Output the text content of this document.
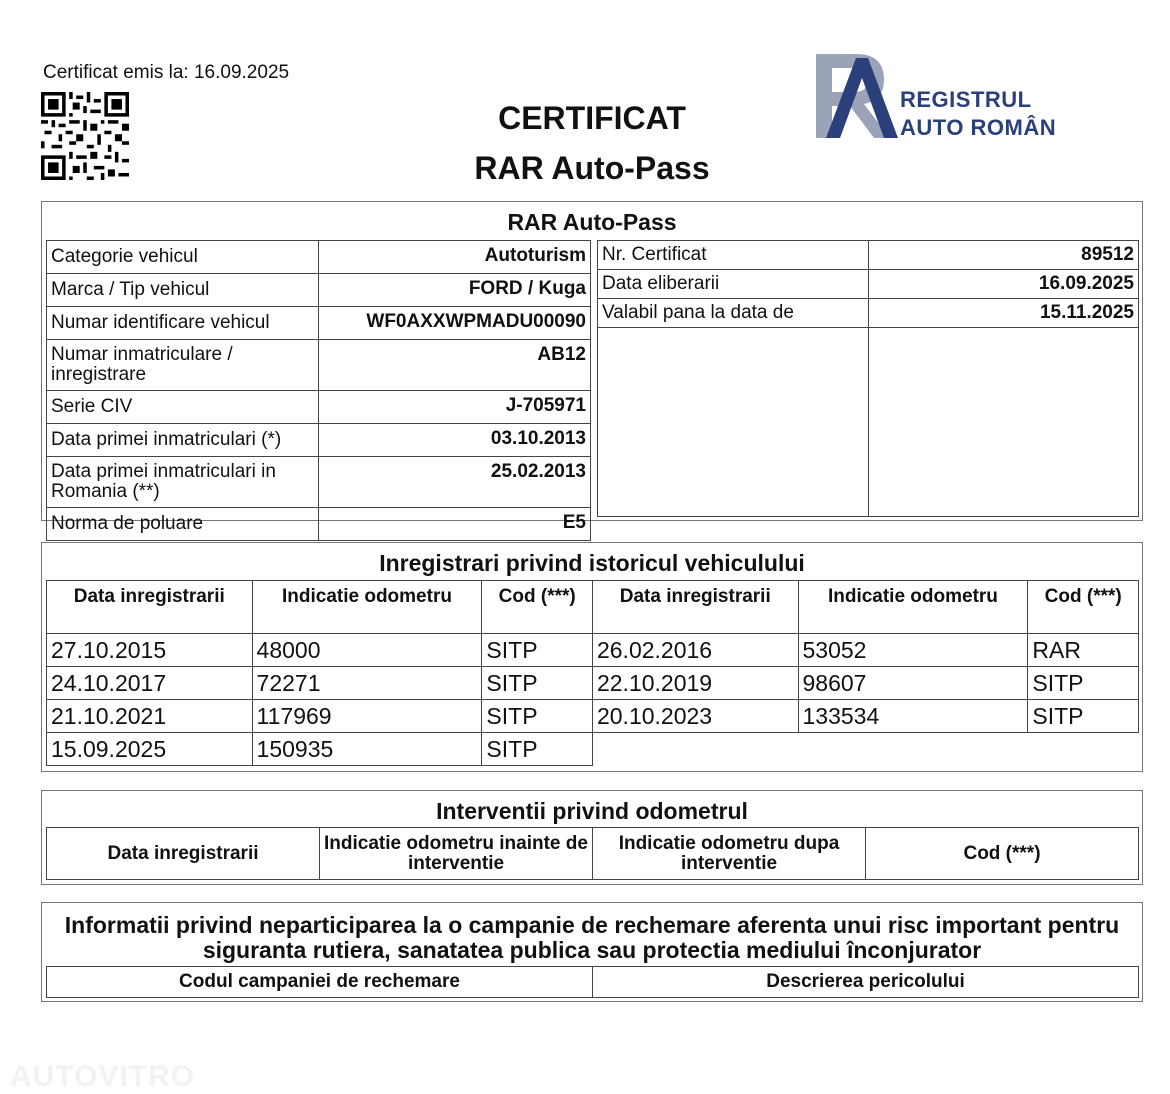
Certificat emis la: 16.09.2025
CERTIFICAT
RAR Auto-Pass
REGISTRUL
AUTO ROMÂN
RAR Auto-Pass
Categorie vehicul	Autoturism
Marca / Tip vehicul	FORD / Kuga
Numar identificare vehicul	WF0AXXWPMADU00090
Numar inmatriculare / inregistrare	AB12
Serie CIV	J-705971
Data primei inmatriculari (*)	03.10.2013
Data primei inmatriculari in Romania (**)	25.02.2013
Norma de poluare	E5
Nr. Certificat	89512
Data eliberarii	16.09.2025
Valabil pana la data de	15.11.2025

Inregistrari privind istoricul vehiculului
Data inregistrarii	Indicatie odometru	Cod (***)	Data inregistrarii	Indicatie odometru	Cod (***)
27.10.2015	48000	SITP	26.02.2016	53052	RAR
24.10.2017	72271	SITP	22.10.2019	98607	SITP
21.10.2021	117969	SITP	20.10.2023	133534	SITP
15.09.2025	150935	SITP			
Interventii privind odometrul
Data inregistrarii	Indicatie odometru inainte de interventie	Indicatie odometru dupa interventie	Cod (***)
Informatii privind neparticiparea la o campanie de rechemare aferenta unui risc important pentru siguranta rutiera, sanatatea publica sau protectia mediului înconjurator
Codul campaniei de rechemare	Descrierea pericolului
AUTOVITRO
